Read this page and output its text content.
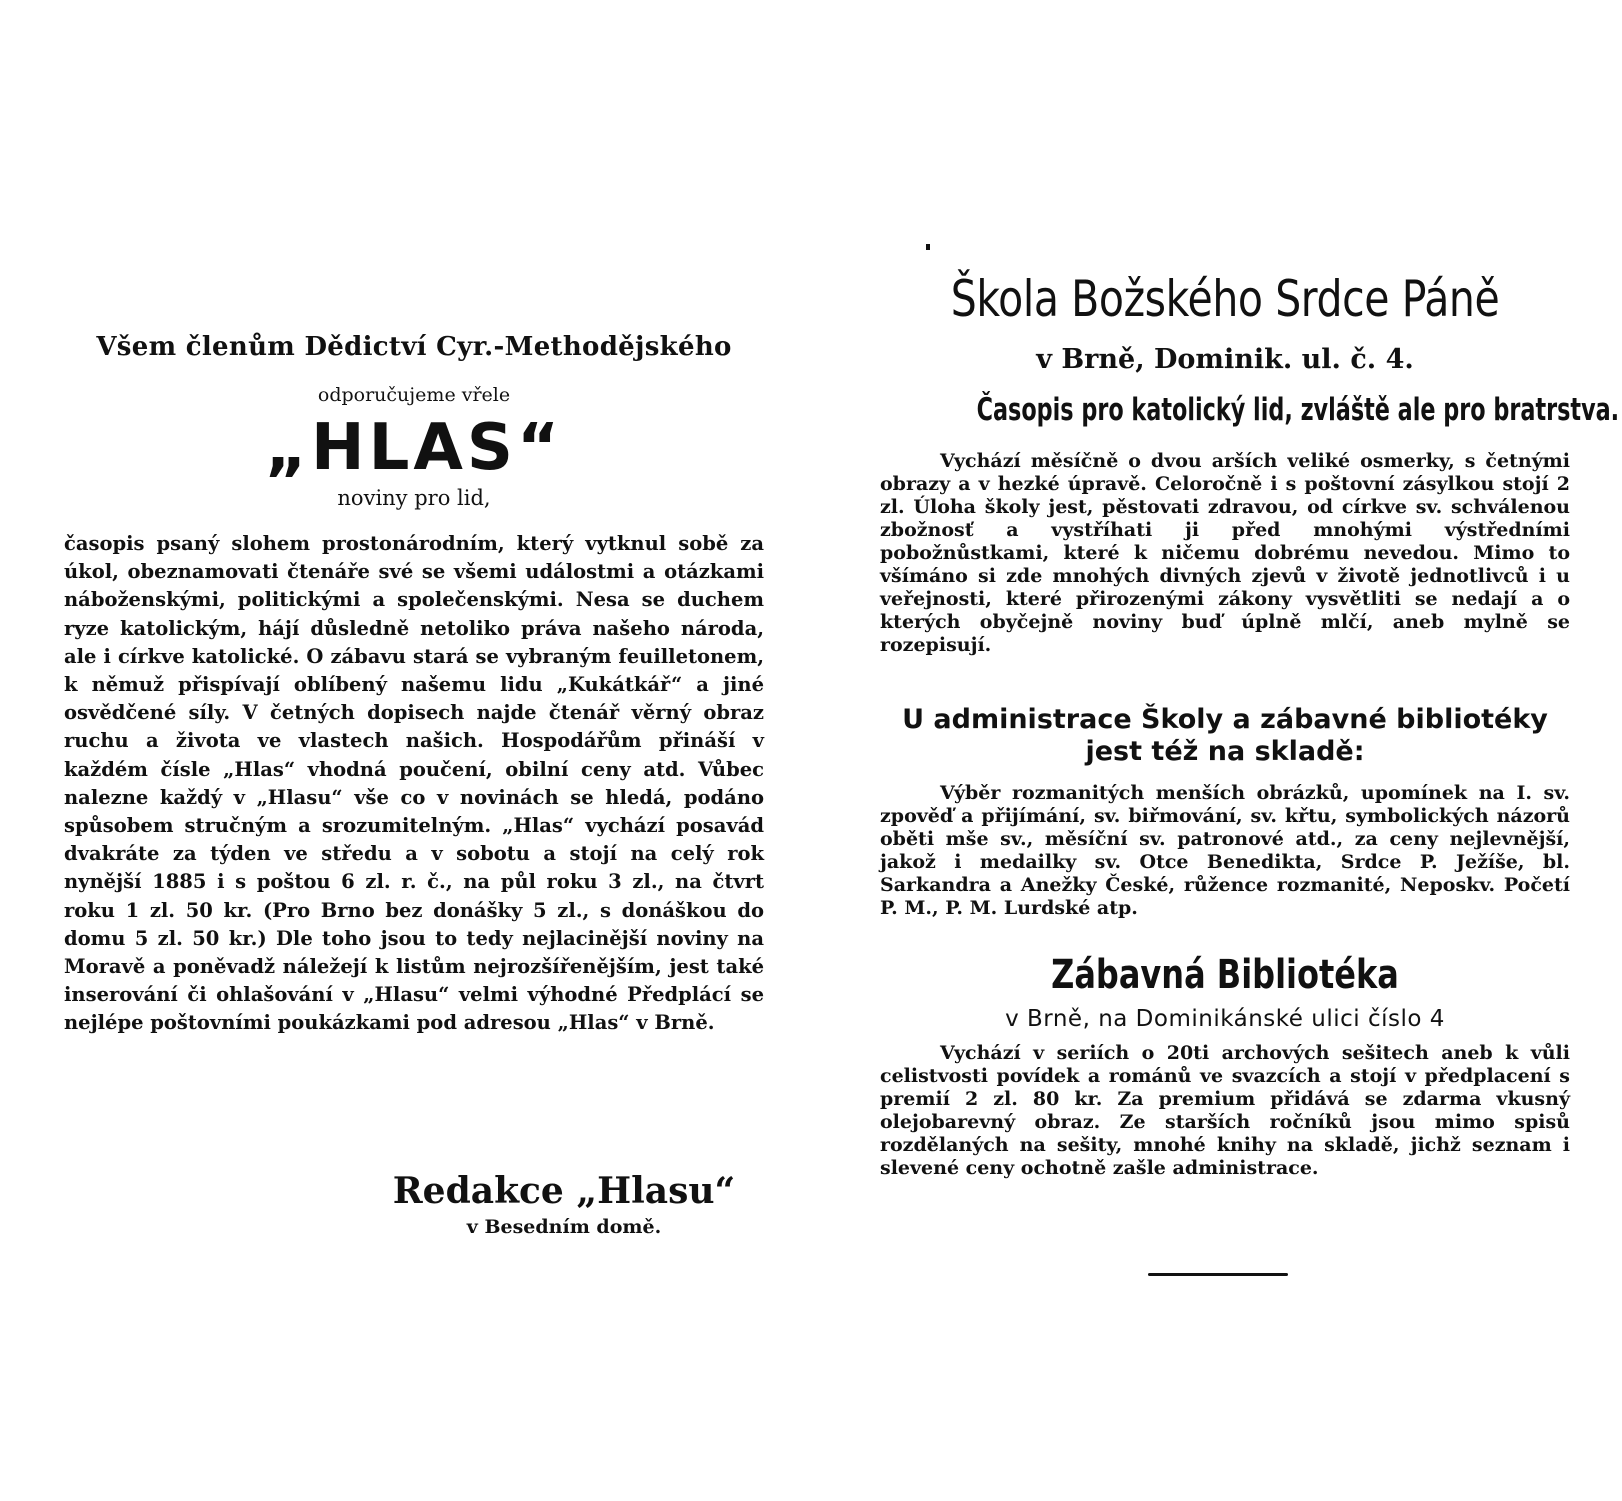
Všem členům Dědictví Cyr.-Methodějského
odporučujeme vřele
„HLAS“
noviny pro lid,
časopis psaný slohem prostonárodním, který vytknul sobě za úkol, obeznamovati čtenáře své se všemi událostmi a otázkami náboženskými, politickými a společenskými. Nesa se duchem ryze katolickým, hájí důsledně netoliko práva našeho národa, ale i církve katolické. O zábavu stará se vybraným feuilletonem, k němuž přispívají oblíbený našemu lidu „Kukátkář“ a jiné osvědčené síly. V četných dopisech najde čtenář věrný obraz ruchu a života ve vlastech našich. Hospodářům přináší v každém čísle „Hlas“ vhodná poučení, obilní ceny atd. Vůbec nalezne každý v „Hlasu“ vše co v novinách se hledá, podáno spůsobem stručným a srozumitelným. „Hlas“ vychází posavád dvakráte za týden ve středu a v sobotu a stojí na celý rok nynější 1885 i s poštou 6 zl. r. č., na půl roku 3 zl., na čtvrt roku 1 zl. 50 kr. (Pro Brno bez donášky 5 zl., s donáškou do domu 5 zl. 50 kr.) Dle toho jsou to tedy nejlacinější noviny na Moravě a poněvadž náležejí k listům nejrozšířenějším, jest také inserování či ohlašování v „Hlasu“ velmi výhodné Předplácí se nejlépe poštovními poukázkami pod adresou „Hlas“ v Brně.
Redakce „Hlasu“
v Besedním domě.
Škola Božského Srdce Páně
v Brně, Dominik. ul. č. 4.
Časopis pro katolický lid, zvláště ale pro bratrstva.
Vychází měsíčně o dvou arších veliké osmerky, s četnými obrazy a v hezké úpravě. Celoročně i s poštovní zásylkou stojí 2 zl. Úloha školy jest, pěstovati zdravou, od církve sv. schválenou zbožnosť a vystříhati ji před mnohými výstředními pobožnůstkami, které k ničemu dobrému nevedou. Mimo to všímáno si zde mnohých divných zjevů v životě jednotlivců i u veřejnosti, které přirozenými zákony vysvětliti se nedají a o kterých obyčejně noviny buď úplně mlčí, aneb mylně se rozepisují.
U administrace Školy a zábavné bibliotéky jest též na skladě:
Výběr rozmanitých menších obrázků, upomínek na I. sv. zpověď a přijímání, sv. biřmování, sv. křtu, symbolických názorů oběti mše sv., měsíční sv. patronové atd., za ceny nejlevnější, jakož i medailky sv. Otce Benedikta, Srdce P. Ježíše, bl. Sarkandra a Anežky České, růžence rozmanité, Neposkv. Početí P. M., P. M. Lurdské atp.
Zábavná Bibliotéka
v Brně, na Dominikánské ulici číslo 4
Vychází v seriích o 20ti archových sešitech aneb k vůli celistvosti povídek a románů ve svazcích a stojí v předplacení s premií 2 zl. 80 kr. Za premium přidává se zdarma vkusný olejobarevný obraz. Ze starších ročníků jsou mimo spisů rozdělaných na sešity, mnohé knihy na skladě, jichž seznam i slevené ceny ochotně zašle administrace.
